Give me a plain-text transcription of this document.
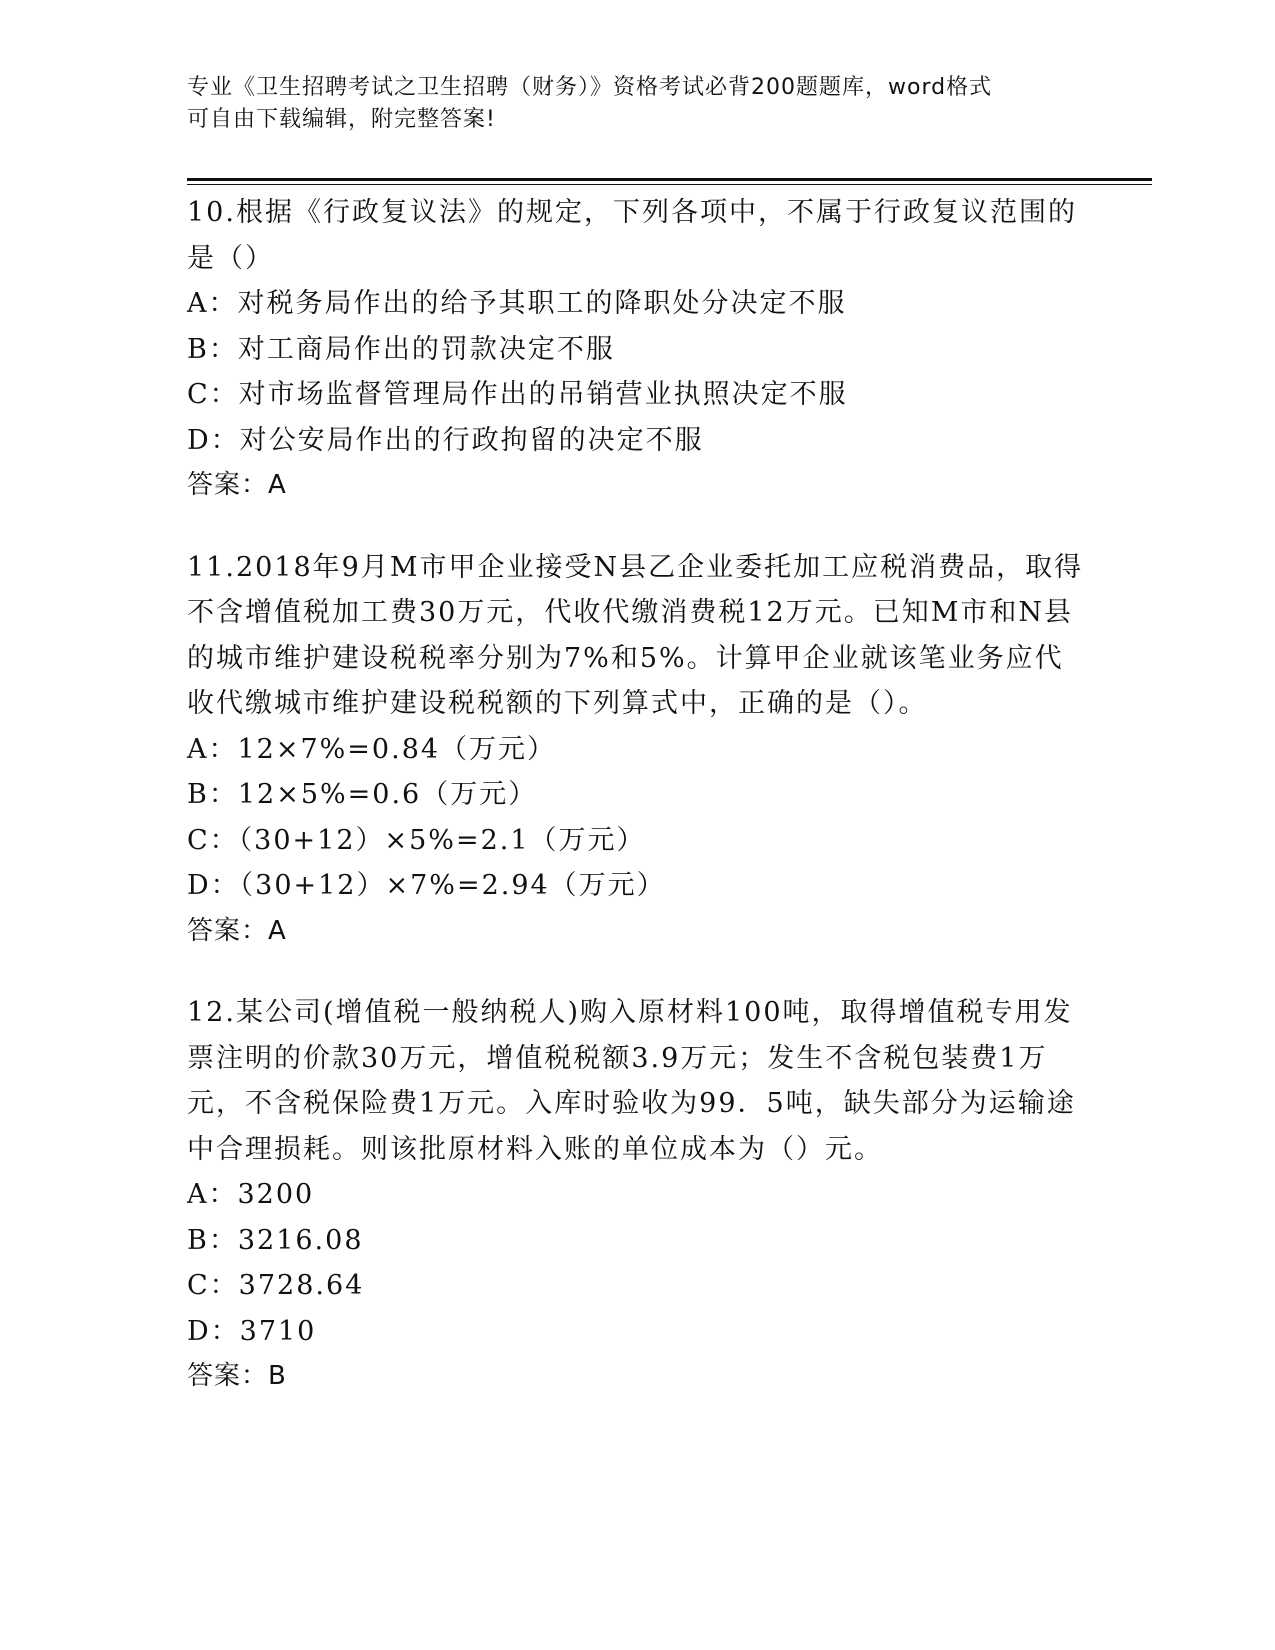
专业《卫生招聘考试之卫生招聘（财务）》资格考试必背200题题库，word格式
可自由下载编辑，附完整答案!
10.根据《行政复议法》的规定，下列各项中，不属于行政复议范围的是（）
A：对税务局作出的给予其职工的降职处分决定不服
B：对工商局作出的罚款决定不服
C：对市场监督管理局作出的吊销营业执照决定不服
D：对公安局作出的行政拘留的决定不服
答案：A
11.2018年9月M市甲企业接受N县乙企业委托加工应税消费品，取得不含增值税加工费30万元，代收代缴消费税12万元。已知M市和N县的城市维护建设税税率分别为7%和5%。计算甲企业就该笔业务应代收代缴城市维护建设税税额的下列算式中，正确的是（）。
A：12×7%=0.84（万元）
B：12×5%=0.6（万元）
C：（30+12）×5%=2.1（万元）
D：（30+12）×7%=2.94（万元）
答案：A
12.某公司(增值税一般纳税人)购入原材料100吨，取得增值税专用发票注明的价款30万元，增值税税额3.9万元；发生不含税包装费1万元，不含税保险费1万元。入库时验收为99．5吨，缺失部分为运输途中合理损耗。则该批原材料入账的单位成本为（）元。
A：3200
B：3216.08
C：3728.64
D：3710
答案：B
